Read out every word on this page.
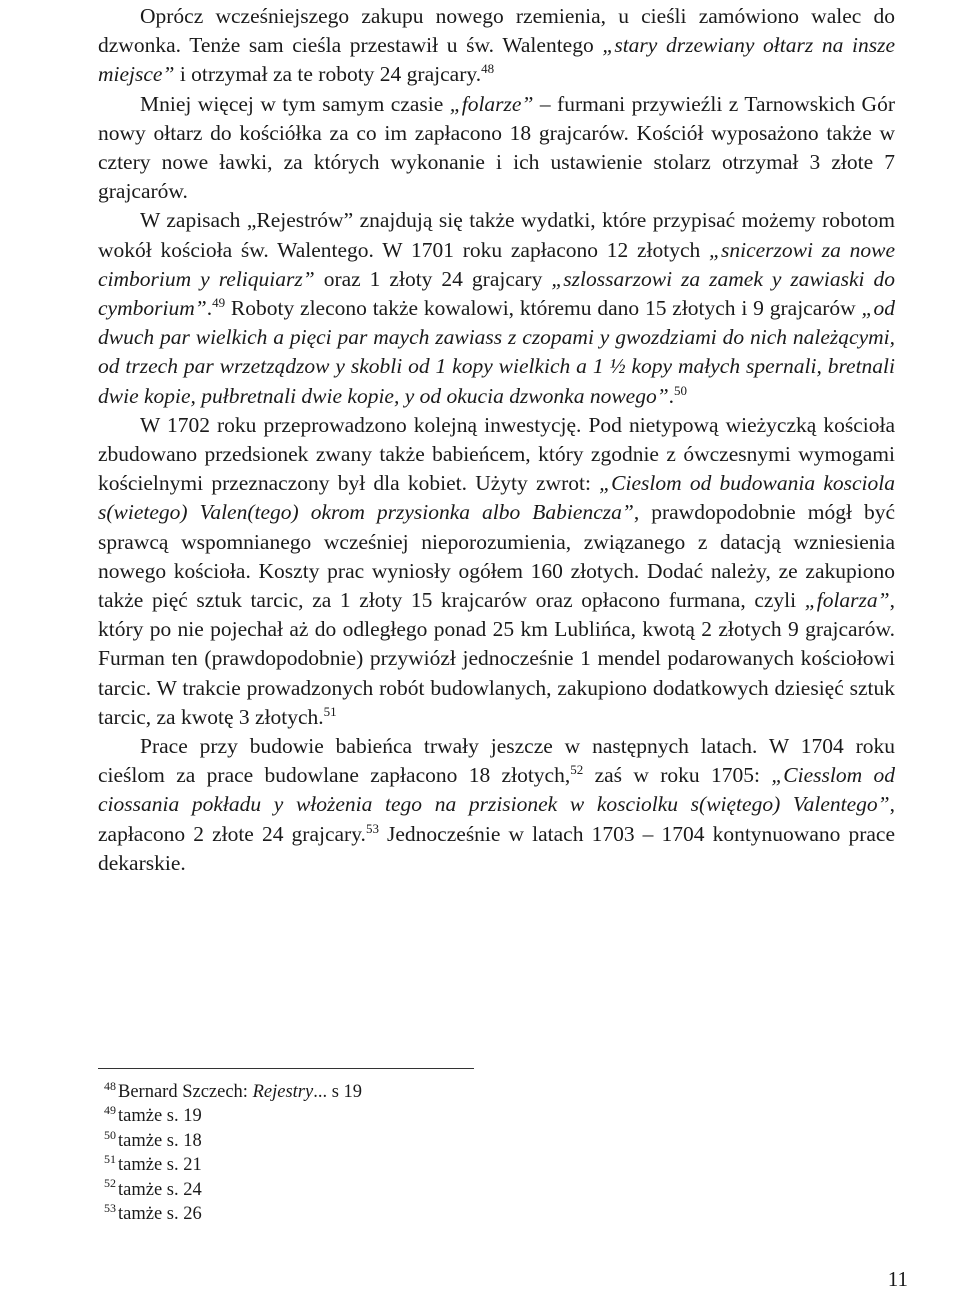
Oprócz wcześniejszego zakupu nowego rzemienia, u cieśli zamówiono walec do dzwonka. Tenże sam cieśla przestawił u św. Walentego „stary drzewiany ołtarz na insze miejsce” i otrzymał za te roboty 24 grajcary.$^{48}$

Mniej więcej w tym samym czasie „folarze” – furmani przywieźli z Tarnowskich Gór nowy ołtarz do kościółka za co im zapłacono 18 grajcarów. Kościół wyposażono także w cztery nowe ławki, za których wykonanie i ich ustawienie stolarz otrzymał 3 złote 7 grajcarów.

W zapisach „Rejestrów” znajdują się także wydatki, które przypisać możemy robotom wokół kościoła św. Walentego. W 1701 roku zapłacono 12 złotych „snicerzowi za nowe cimborium y reliquiarz” oraz 1 złoty 24 grajcary „szlossarzowi za zamek y zawiaski do cymborium”.$^{49}$ Roboty zlecono także kowalowi, któremu dano 15 złotych i 9 grajcarów „od dwuch par wielkich a pięci par maych zawiass z czopami y gwozdziami do nich należącymi, od trzech par wrzetządzow y skobli od 1 kopy wielkich a 1 ½ kopy małych spernali, bretnali dwie kopie, pułbretnali dwie kopie, y od okucia dzwonka nowego”.$^{50}$

W 1702 roku przeprowadzono kolejną inwestycję. Pod nietypową wieżyczką kościoła zbudowano przedsionek zwany także babieńcem, który zgodnie z ówczesnymi wymogami kościelnymi przeznaczony był dla kobiet. Użyty zwrot: „Cieslom od budowania kosciola s(wietego) Valen(tego) okrom przysionka albo Babiencza”, prawdopodobnie mógł być sprawcą wspomnianego wcześniej nieporozumienia, związanego z datacją wzniesienia nowego kościoła. Koszty prac wyniosły ogółem 160 złotych. Dodać należy, ze zakupiono także pięć sztuk tarcic, za 1 złoty 15 krajcarów oraz opłacono furmana, czyli „folarza”, który po nie pojechał aż do odległego ponad 25 km Lublińca, kwotą 2 złotych 9 grajcarów. Furman ten (prawdopodobnie) przywiózł jednocześnie 1 mendel podarowanych kościołowi tarcic. W trakcie prowadzonych robót budowlanych, zakupiono dodatkowych dziesięć sztuk tarcic, za kwotę 3 złotych.$^{51}$

Prace przy budowie babieńca trwały jeszcze w następnych latach. W 1704 roku cieślom za prace budowlane zapłacono 18 złotych,$^{52}$ zaś w roku 1705: „Ciesslom od ciossania pokładu y włożenia tego na przisionek w kosciolku s(więtego) Valentego”, zapłacono 2 złote 24 grajcary.$^{53}$ Jednocześnie w latach 1703 – 1704 kontynuowano prace dekarskie.

$^{48}$ Bernard Szczech: Rejestry... s 19
$^{49}$ tamże s. 19
$^{50}$ tamże s. 18
$^{51}$ tamże s. 21
$^{52}$ tamże s. 24
$^{53}$ tamże s. 26
11
